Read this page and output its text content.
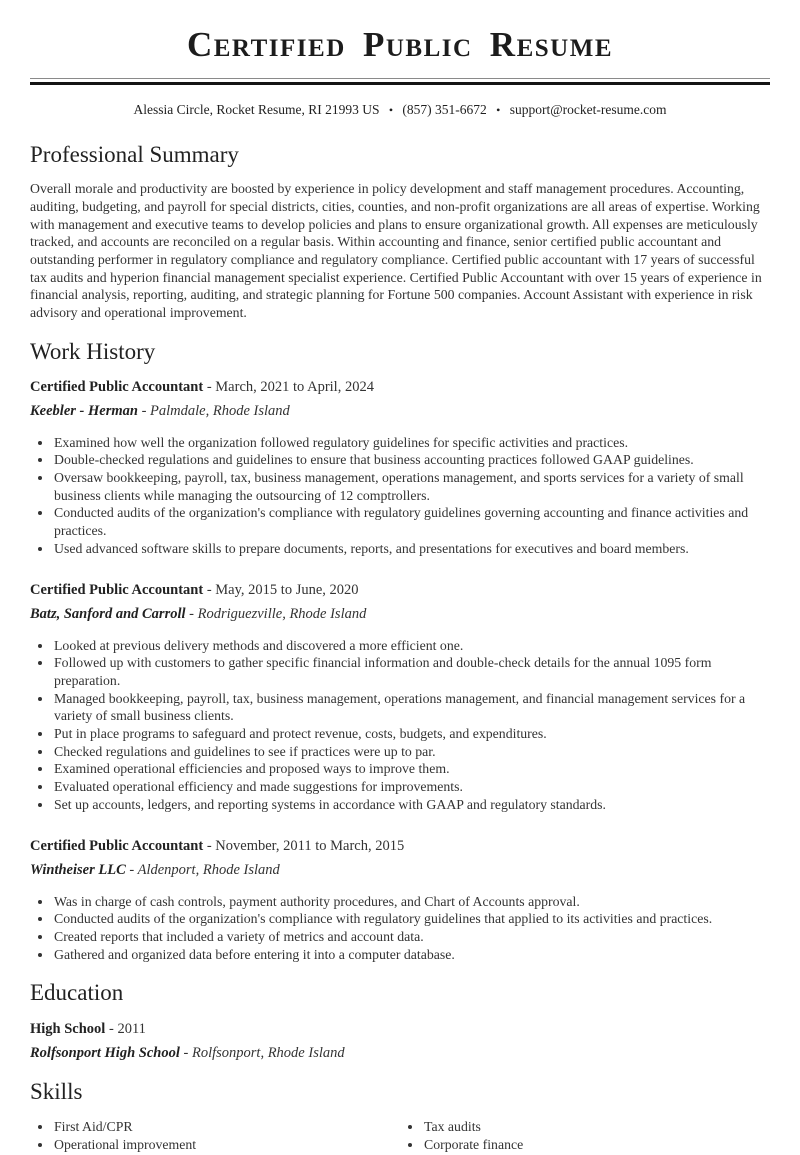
Certified Public Resume
Alessia Circle, Rocket Resume, RI 21993 US • (857) 351-6672 • support@rocket-resume.com
Professional Summary

Overall morale and productivity are boosted by experience in policy development and staff management procedures. Accounting, auditing, budgeting, and payroll for special districts, cities, counties, and non-profit organizations are all areas of expertise. Working with management and executive teams to develop policies and plans to ensure organizational growth. All expenses are meticulously tracked, and accounts are reconciled on a regular basis. Within accounting and finance, senior certified public accountant and outstanding performer in regulatory compliance and regulatory compliance. Certified public accountant with 17 years of successful tax audits and hyperion financial management specialist experience. Certified Public Accountant with over 15 years of experience in financial analysis, reporting, auditing, and strategic planning for Fortune 500 companies. Account Assistant with experience in risk advisory and operational improvement.

Work History
Certified Public Accountant - March, 2021 to April, 2024
Keebler - Herman - Palmdale, Rhode Island
• Examined how well the organization followed regulatory guidelines for specific activities and practices.
• Double-checked regulations and guidelines to ensure that business accounting practices followed GAAP guidelines.
• Oversaw bookkeeping, payroll, tax, business management, operations management, and sports services for a variety of small business clients while managing the outsourcing of 12 comptrollers.
• Conducted audits of the organization's compliance with regulatory guidelines governing accounting and finance activities and practices.
• Used advanced software skills to prepare documents, reports, and presentations for executives and board members.
Certified Public Accountant - May, 2015 to June, 2020
Batz, Sanford and Carroll - Rodriguezville, Rhode Island
• Looked at previous delivery methods and discovered a more efficient one.
• Followed up with customers to gather specific financial information and double-check details for the annual 1095 form preparation.
• Managed bookkeeping, payroll, tax, business management, operations management, and financial management services for a variety of small business clients.
• Put in place programs to safeguard and protect revenue, costs, budgets, and expenditures.
• Checked regulations and guidelines to see if practices were up to par.
• Examined operational efficiencies and proposed ways to improve them.
• Evaluated operational efficiency and made suggestions for improvements.
• Set up accounts, ledgers, and reporting systems in accordance with GAAP and regulatory standards.
Certified Public Accountant - November, 2011 to March, 2015
Wintheiser LLC - Aldenport, Rhode Island
• Was in charge of cash controls, payment authority procedures, and Chart of Accounts approval.
• Conducted audits of the organization's compliance with regulatory guidelines that applied to its activities and practices.
• Created reports that included a variety of metrics and account data.
• Gathered and organized data before entering it into a computer database.
Education
High School - 2011
Rolfsonport High School - Rolfsonport, Rhode Island
Skills
• First Aid/CPR
• Operational improvement
• Tax audits
• Corporate finance
